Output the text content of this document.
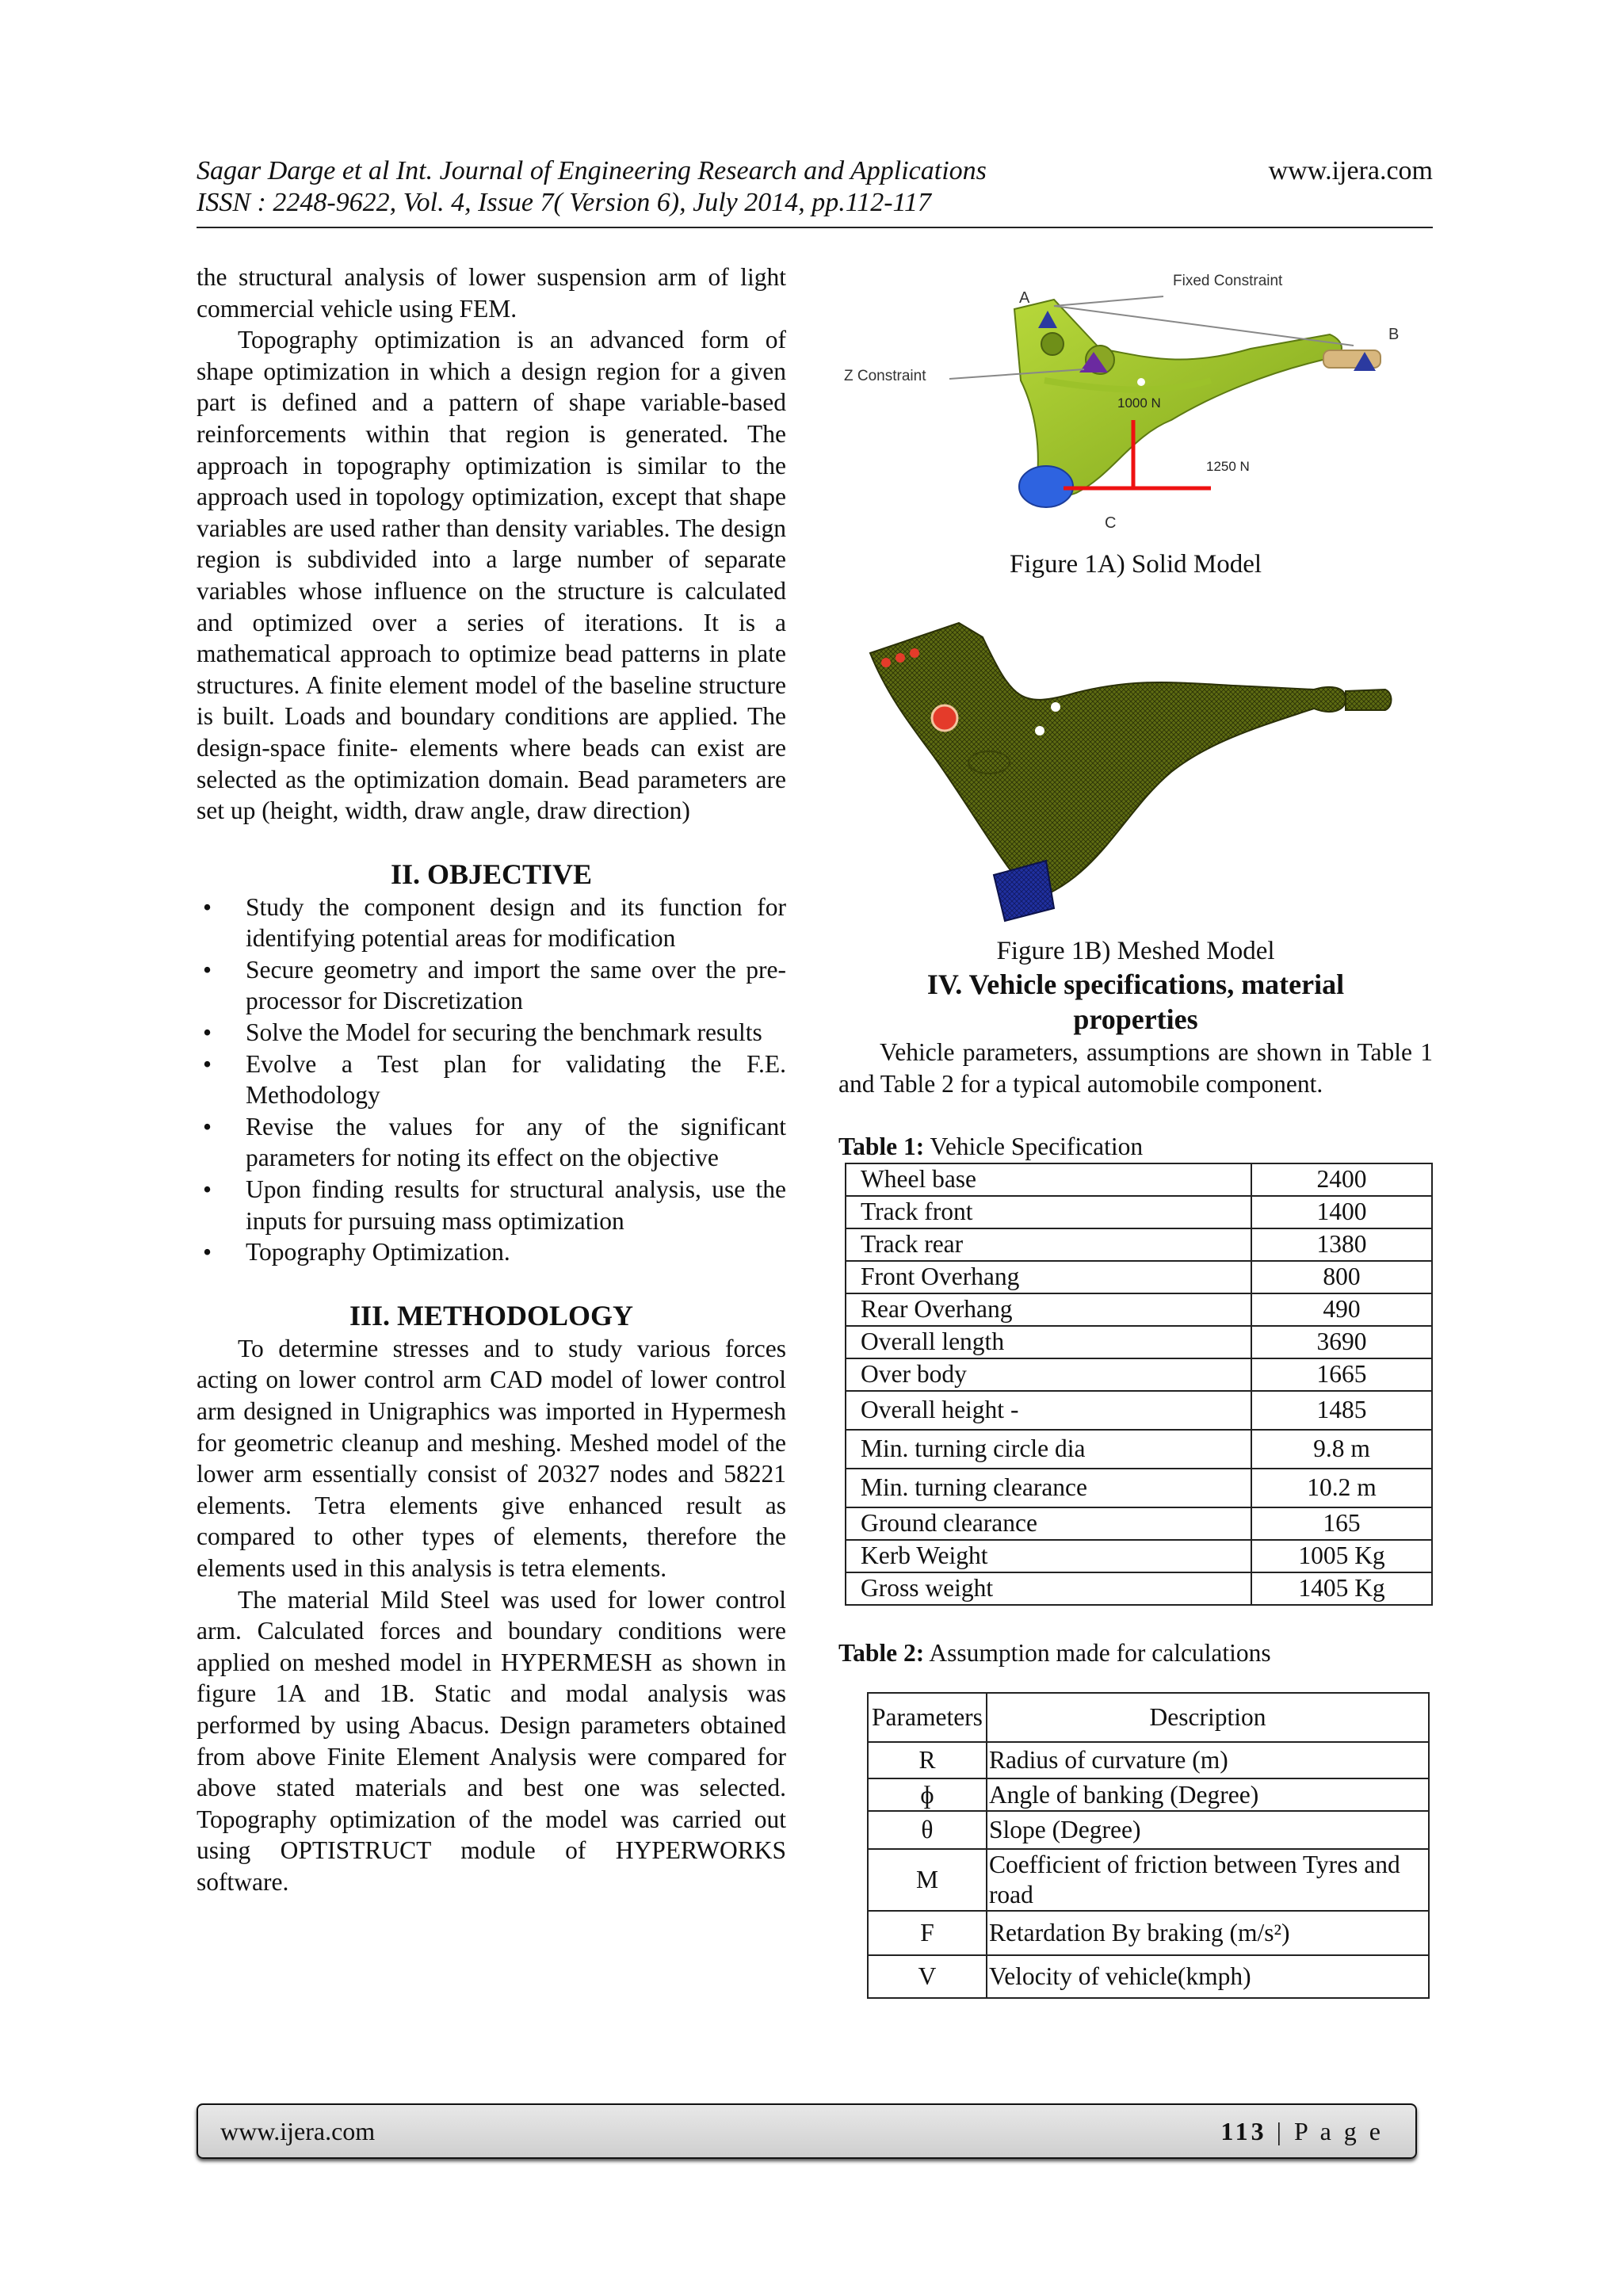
Sagar Darge et al Int. Journal of Engineering Research and Applications
ISSN : 2248-9622, Vol. 4, Issue 7( Version 6), July 2014, pp.112-117
www.ijera.com

the structural analysis of lower suspension arm of light commercial vehicle using FEM.

Topography optimization is an advanced form of shape optimization in which a design region for a given part is defined and a pattern of shape variable-based reinforcements within that region is generated. The approach in topography optimization is similar to the approach used in topology optimization, except that shape variables are used rather than density variables. The design region is subdivided into a large number of separate variables whose influence on the structure is calculated and optimized over a series of iterations. It is a mathematical approach to optimize bead patterns in plate structures. A finite element model of the baseline structure is built. Loads and boundary conditions are applied. The design-space finite- elements where beads can exist are selected as the optimization domain. Bead parameters are set up (height, width, draw angle, draw direction)

II. OBJECTIVE
• Study the component design and its function for identifying potential areas for modification
• Secure geometry and import the same over the pre-processor for Discretization
• Solve the Model for securing the benchmark results
• Evolve a Test plan for validating the F.E. Methodology
• Revise the values for any of the significant parameters for noting its effect on the objective
• Upon finding results for structural analysis, use the inputs for pursuing mass optimization
• Topography Optimization.
III. METHODOLOGY

To determine stresses and to study various forces acting on lower control arm CAD model of lower control arm designed in Unigraphics was imported in Hypermesh for geometric cleanup and meshing. Meshed model of the lower arm essentially consist of 20327 nodes and 58221 elements. Tetra elements give enhanced result as compared to other types of elements, therefore the elements used in this analysis is tetra elements.

The material Mild Steel was used for lower control arm. Calculated forces and boundary conditions were applied on meshed model in HYPERMESH as shown in figure 1A and 1B. Static and modal analysis was performed by using Abacus. Design parameters obtained from above Finite Element Analysis were compared for above stated materials and best one was selected. Topography optimization of the model was carried out using OPTISTRUCT module of HYPERWORKS software.

Fixed Constraint
Z Constraint
A
B
C
1000 N
1250 N
Figure 1A) Solid Model
Figure 1B) Meshed Model
IV. Vehicle specifications, material
properties

Vehicle parameters, assumptions are shown in Table 1 and Table 2 for a typical automobile component.

Table 1: Vehicle Specification
Wheel base	2400
Track front	1400
Track rear	1380
Front Overhang	800
Rear Overhang	490
Overall length	3690
Over body	1665
Overall height -	1485
Min. turning circle dia	9.8 m
Min. turning clearance	10.2 m
Ground clearance	165
Kerb Weight	1005 Kg
Gross weight	1405 Kg
Table 2: Assumption made for calculations
Parameters	Description
R	Radius of curvature (m)
ɸ	Angle of banking (Degree)
θ	Slope (Degree)
M	Coefficient of friction between Tyres and road
F	Retardation By braking (m/s²)
V	Velocity of vehicle(kmph)
www.ijera.com	113 | P a g e
